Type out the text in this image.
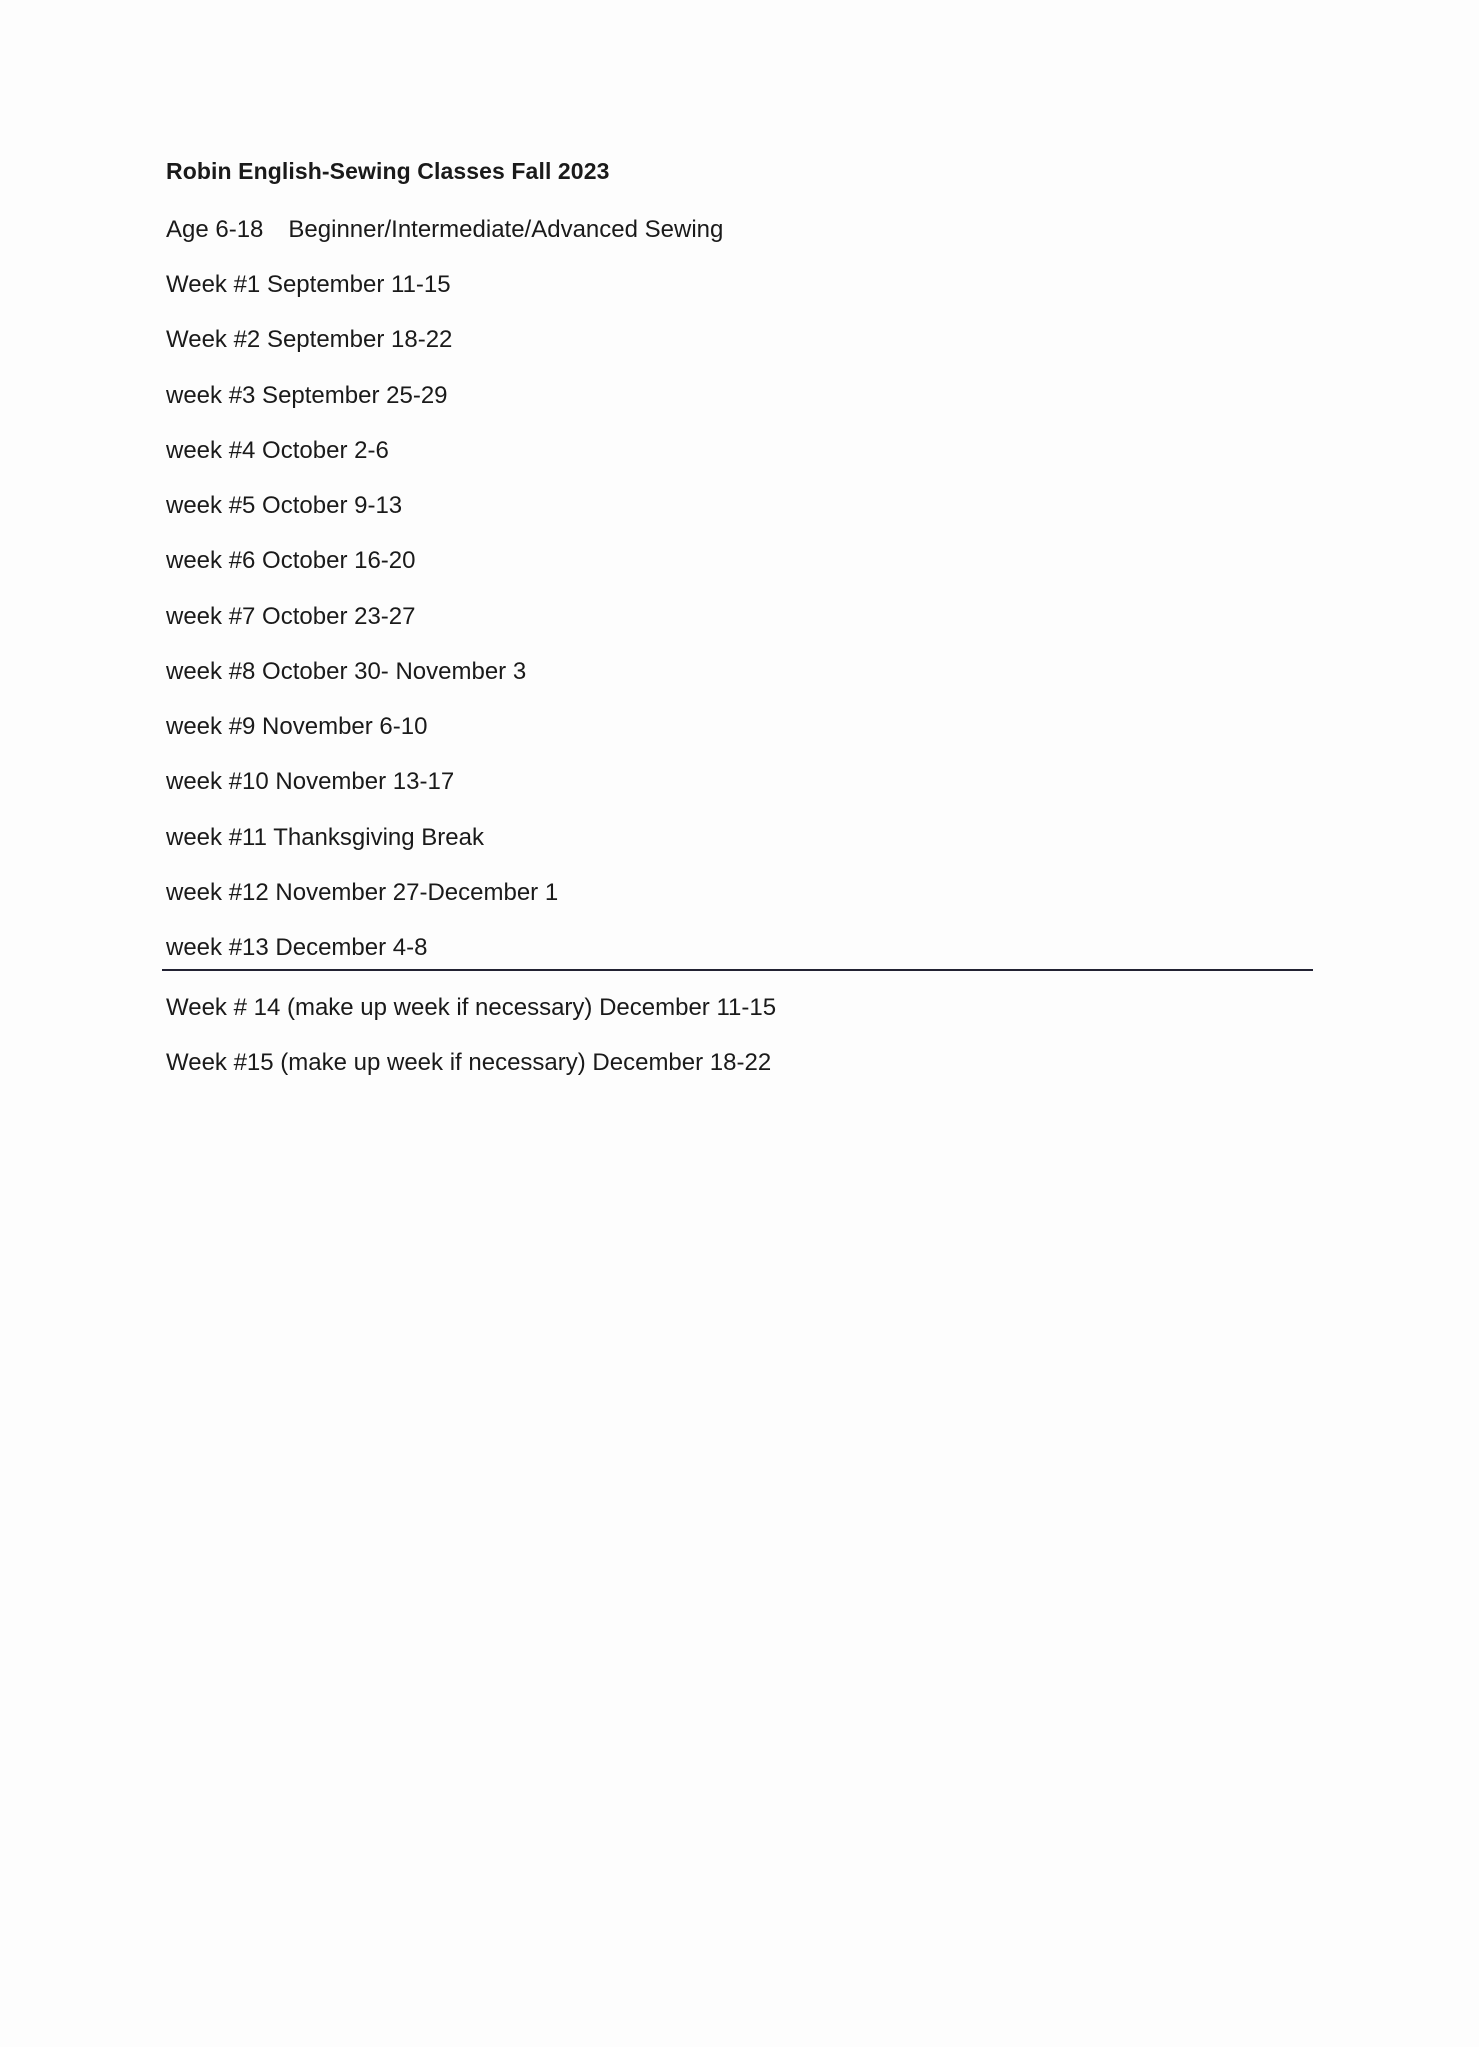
Robin English-Sewing Classes Fall 2023
Age 6-18 Beginner/Intermediate/Advanced Sewing
Week #1 September 11-15
Week #2 September 18-22
week #3 September 25-29
week #4 October 2-6
week #5 October 9-13
week #6 October 16-20
week #7 October 23-27
week #8 October 30- November 3
week #9 November 6-10
week #10 November 13-17
week #11 Thanksgiving Break
week #12 November 27-December 1
week #13 December 4-8
Week # 14 (make up week if necessary) December 11-15
Week #15 (make up week if necessary) December 18-22
